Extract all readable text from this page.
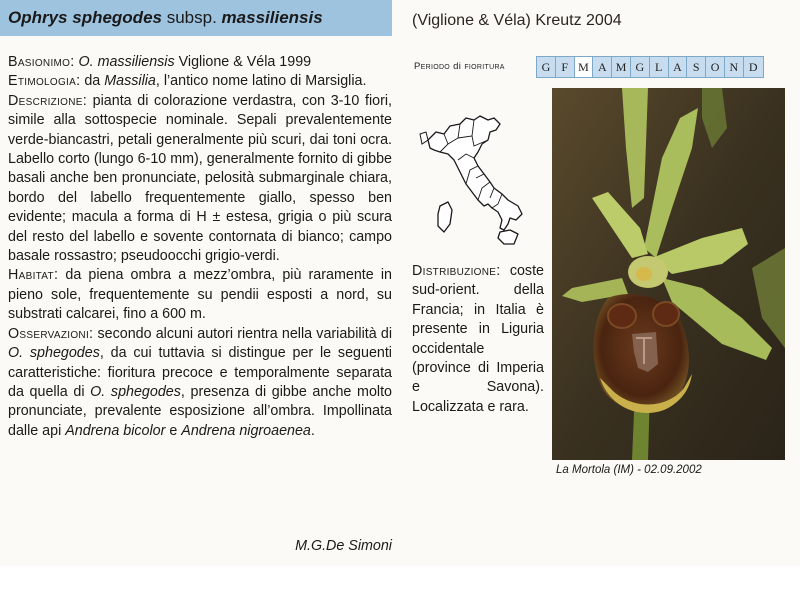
Ophrys sphegodes subsp. massiliensis	(Viglione & Véla) Kreutz 2004

Basionimo: O. massiliensis Viglione & Véla 1999

Etimologia: da Massilia, l’antico nome latino di Marsiglia.

Descrizione: pianta di colorazione verdastra, con 3-10 fiori, simile alla sottospecie nominale. Sepali prevalentemente verde-biancastri, petali generalmente più scuri, dai toni ocra. Labello corto (lungo 6-10 mm), generalmente fornito di gibbe basali anche ben pronunciate, pelosità submarginale chiara, bordo del labello frequentemente giallo, spesso ben evidente; macula a forma di H ± estesa, grigia o più scura del resto del labello e sovente contornata di bianco; campo basale rossastro; pseudoocchi grigio-verdi.

Habitat: da piena ombra a mezz’ombra, più raramente in pieno sole, frequentemente su pendii esposti a nord, su substrati calcarei, fino a 600 m.

Osservazioni: secondo alcuni autori rientra nella variabilità di O. sphegodes, da cui tuttavia si distingue per le seguenti caratteristiche: fioritura precoce e temporalmente separata da quella di O. sphegodes, presenza di gibbe anche molto pronunciate, prevalente esposizione all’ombra. Impollinata dalle api Andrena bicolor e Andrena nigroaenea.

M.G.De Simoni
Periodo di fioritura	G F M A M G L A S O N D
Distribuzione: coste sud-orient. della Francia; in Italia è presente in Liguria occidentale (province di Imperia e Savona). Localizzata e rara.
La Mortola (IM) - 02.09.2002
